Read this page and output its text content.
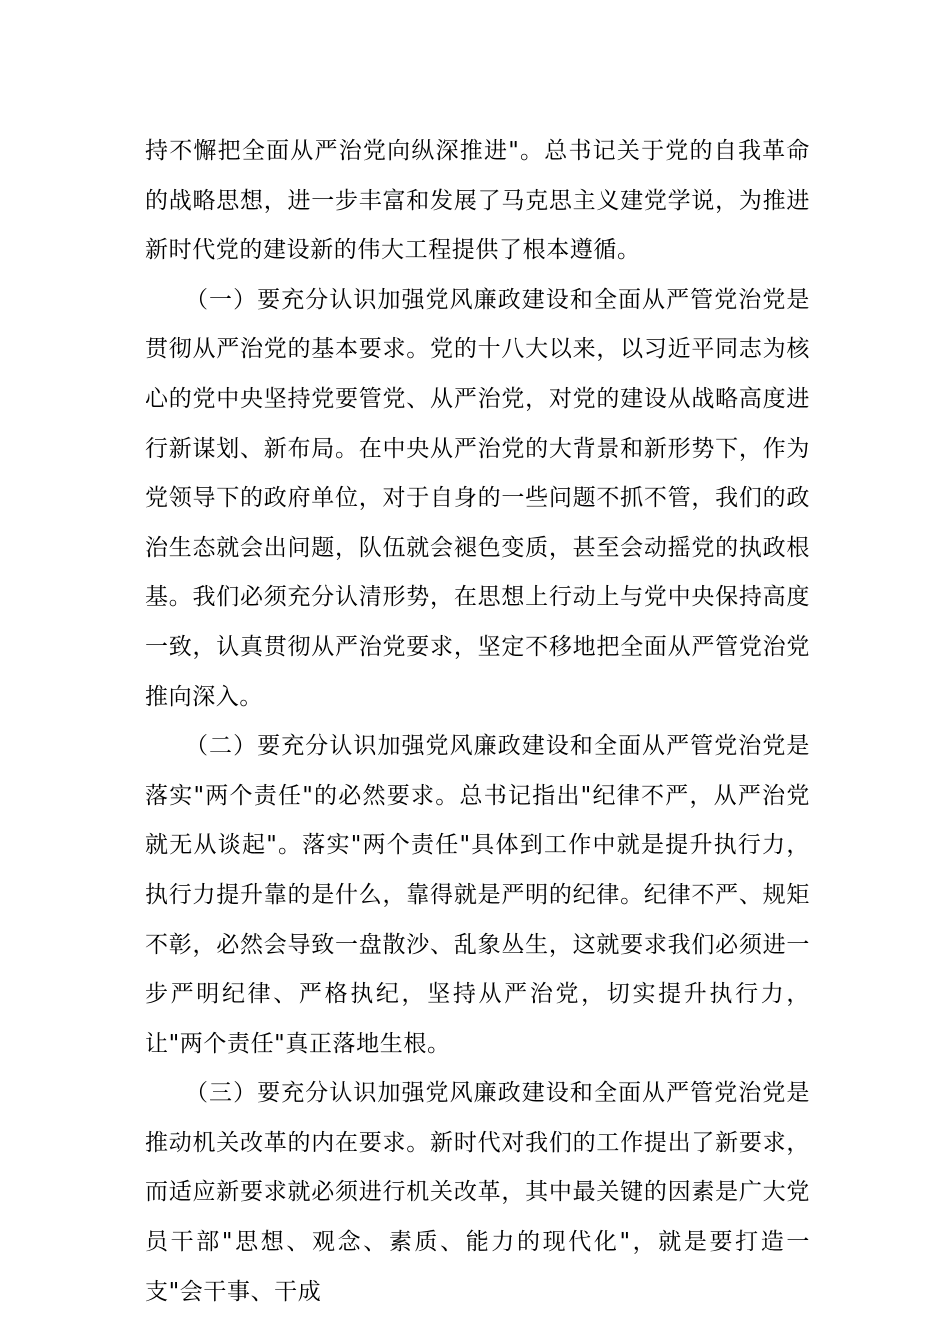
持不懈把全面从严治党向纵深推进"。总书记关于党的自我革命的战略思想，进一步丰富和发展了马克思主义建党学说，为推进新时代党的建设新的伟大工程提供了根本遵循。

（一）要充分认识加强党风廉政建设和全面从严管党治党是贯彻从严治党的基本要求。党的十八大以来，以习近平同志为核心的党中央坚持党要管党、从严治党，对党的建设从战略高度进行新谋划、新布局。在中央从严治党的大背景和新形势下，作为党领导下的政府单位，对于自身的一些问题不抓不管，我们的政治生态就会出问题，队伍就会褪色变质，甚至会动摇党的执政根基。我们必须充分认清形势，在思想上行动上与党中央保持高度一致，认真贯彻从严治党要求，坚定不移地把全面从严管党治党推向深入。

（二）要充分认识加强党风廉政建设和全面从严管党治党是落实"两个责任"的必然要求。总书记指出"纪律不严，从严治党就无从谈起"。落实"两个责任"具体到工作中就是提升执行力，执行力提升靠的是什么，靠得就是严明的纪律。纪律不严、规矩不彰，必然会导致一盘散沙、乱象丛生，这就要求我们必须进一步严明纪律、严格执纪，坚持从严治党，切实提升执行力，让"两个责任"真正落地生根。

（三）要充分认识加强党风廉政建设和全面从严管党治党是推动机关改革的内在要求。新时代对我们的工作提出了新要求，而适应新要求就必须进行机关改革，其中最关键的因素是广大党员干部"思想、观念、素质、能力的现代化"，就是要打造一支"会干事、干成
